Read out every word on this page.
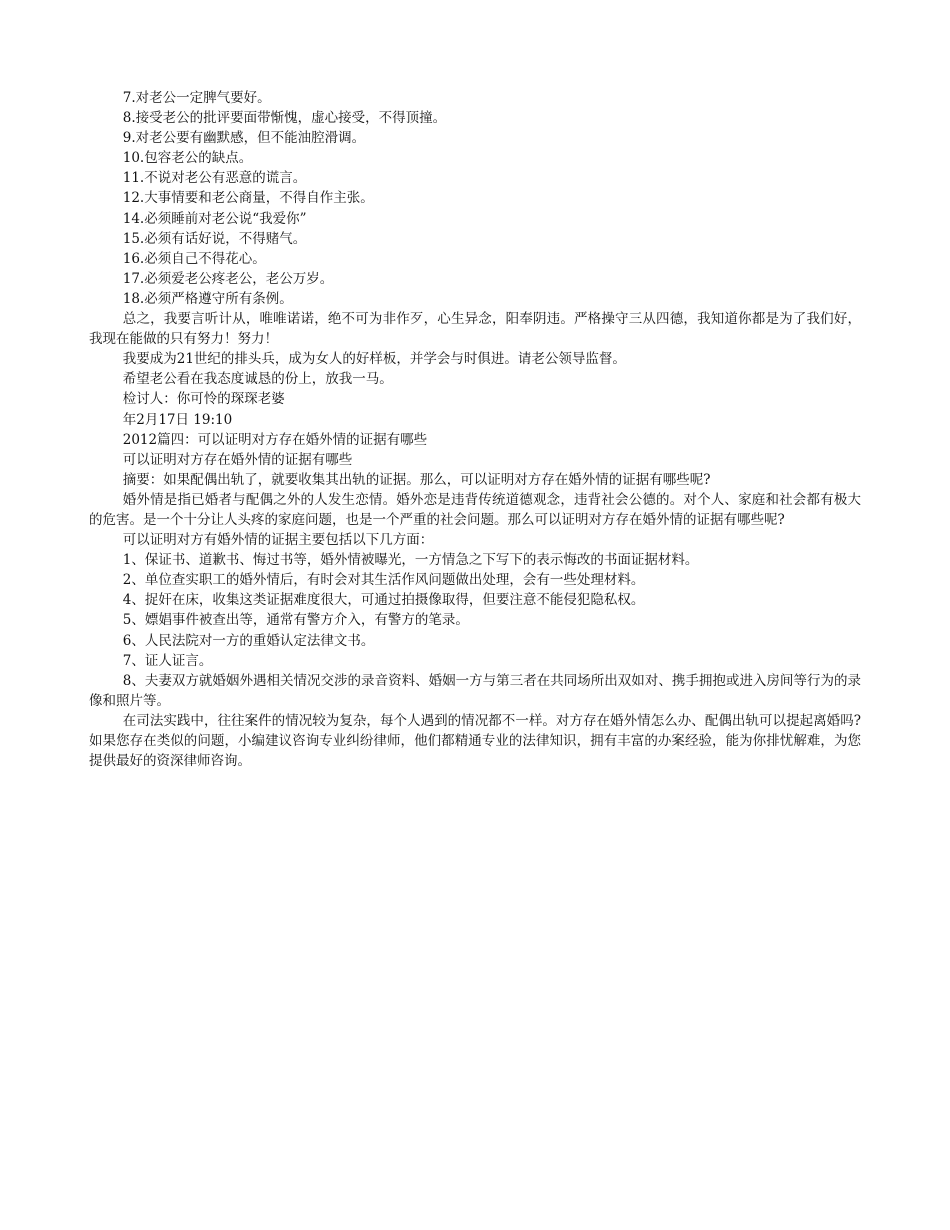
7.对老公一定脾气要好。

8.接受老公的批评要面带惭愧，虚心接受，不得顶撞。

9.对老公要有幽默感，但不能油腔滑调。

10.包容老公的缺点。

11.不说对老公有恶意的谎言。

12.大事情要和老公商量，不得自作主张。

14.必须睡前对老公说“我爱你”

15.必须有话好说，不得赌气。

16.必须自己不得花心。

17.必须爱老公疼老公，老公万岁。

18.必须严格遵守所有条例。

总之，我要言听计从，唯唯诺诺，绝不可为非作歹，心生异念，阳奉阴违。严格操守三从四德，我知道你都是为了我们好，我现在能做的只有努力！努力！

我要成为21世纪的排头兵，成为女人的好样板，并学会与时俱进。请老公领导监督。

希望老公看在我态度诚恳的份上，放我一马。

检讨人：你可怜的琛琛老婆

年2月17日 19:10

2012篇四：可以证明对方存在婚外情的证据有哪些

可以证明对方存在婚外情的证据有哪些

摘要：如果配偶出轨了，就要收集其出轨的证据。那么，可以证明对方存在婚外情的证据有哪些呢?

婚外情是指已婚者与配偶之外的人发生恋情。婚外恋是违背传统道德观念，违背社会公德的。对个人、家庭和社会都有极大的危害。是一个十分让人头疼的家庭问题，也是一个严重的社会问题。那么可以证明对方存在婚外情的证据有哪些呢?

可以证明对方有婚外情的证据主要包括以下几方面：

1、保证书、道歉书、悔过书等，婚外情被曝光，一方情急之下写下的表示悔改的书面证据材料。

2、单位查实职工的婚外情后，有时会对其生活作风问题做出处理，会有一些处理材料。

4、捉奸在床，收集这类证据难度很大，可通过拍摄像取得，但要注意不能侵犯隐私权。

5、嫖娼事件被查出等，通常有警方介入，有警方的笔录。

6、人民法院对一方的重婚认定法律文书。

7、证人证言。

8、夫妻双方就婚姻外遇相关情况交涉的录音资料、婚姻一方与第三者在共同场所出双如对、携手拥抱或进入房间等行为的录像和照片等。

在司法实践中，往往案件的情况较为复杂，每个人遇到的情况都不一样。对方存在婚外情怎么办、配偶出轨可以提起离婚吗?如果您存在类似的问题，小编建议咨询专业纠纷律师，他们都精通专业的法律知识，拥有丰富的办案经验，能为你排忧解难，为您提供最好的资深律师咨询。
